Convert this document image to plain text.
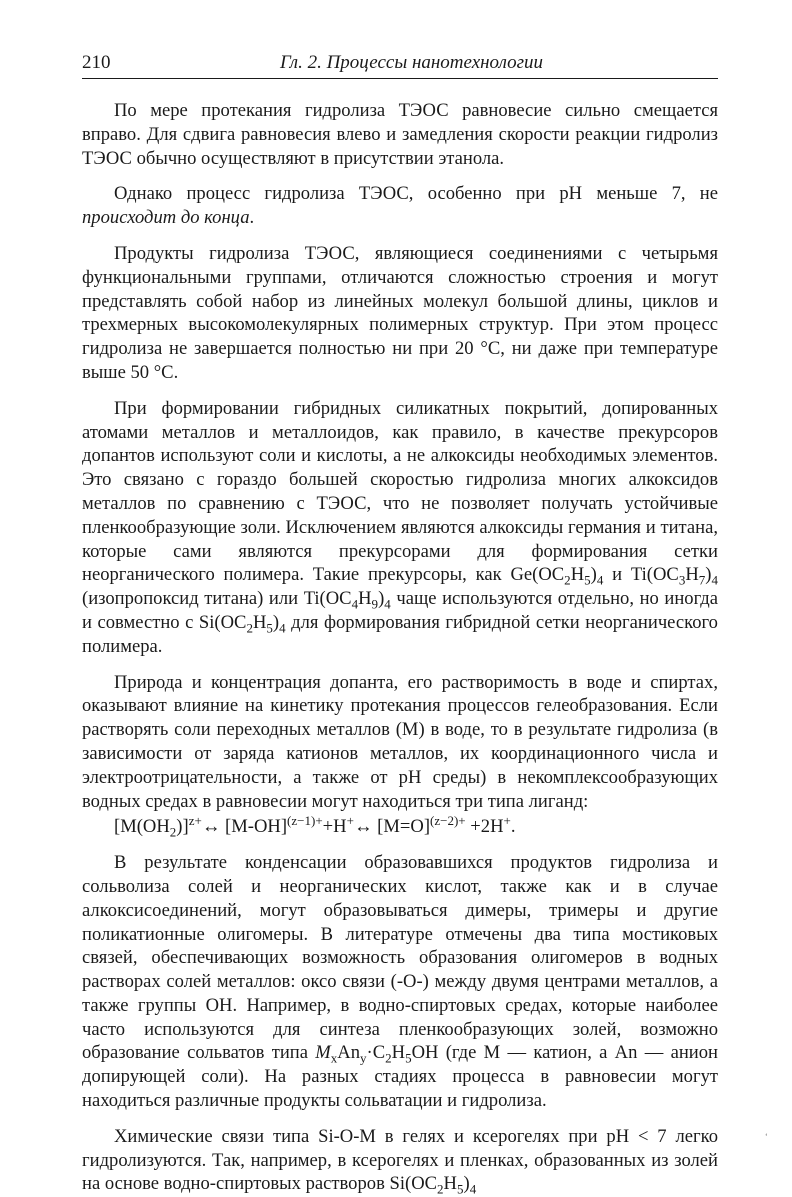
210	Гл. 2. Процессы нанотехнологии

По мере протекания гидролиза ТЭОС равновесие сильно смещается вправо. Для сдвига равновесия влево и замедления скорости реакции гидролиз ТЭОС обычно осуществляют в присутствии этанола.

Однако процесс гидролиза ТЭОС, особенно при pH меньше 7, не происходит до конца.

Продукты гидролиза ТЭОС, являющиеся соединениями с четырьмя функциональными группами, отличаются сложностью строения и могут представлять собой набор из линейных молекул большой длины, циклов и трехмерных высокомолекулярных полимерных структур. При этом процесс гидролиза не завершается полностью ни при 20 °С, ни даже при температуре выше 50 °С.

При формировании гибридных силикатных покрытий, допированных атомами металлов и металлоидов, как правило, в качестве прекурсоров допантов используют соли и кислоты, а не алкоксиды необходимых элементов. Это связано с гораздо большей скоростью гидролиза многих алкоксидов металлов по сравнению с ТЭОС, что не позволяет получать устойчивые пленкообразующие золи. Исключением являются алкоксиды германия и титана, которые сами являются прекурсорами для формирования сетки неорганического полимера. Такие прекурсоры, как $Ge(OC_2H_5)_4$ и $Ti(OC_3H_7)_4$ (изопропоксид титана) или $Ti(OC_4H_9)_4$ чаще используются отдельно, но иногда и совместно с $Si(OC_2H_5)_4$ для формирования гибридной сетки неорганического полимера.

Природа и концентрация допанта, его растворимость в воде и спиртах, оказывают влияние на кинетику протекания процессов гелеобразования. Если растворять соли переходных металлов (М) в воде, то в результате гидролиза (в зависимости от заряда катионов металлов, их координационного числа и электроотрицательности, а также от pH среды) в некомплексообразующих водных средах в равновесии могут находиться три типа лиганд:

$[M(OH_2)]^{z+}\leftrightarrow$ $[M-OH]^{(z-1)+}+H^+\leftrightarrow$ [M=O]$^{(z-2)+}$ +2H+.

В результате конденсации образовавшихся продуктов гидролиза и сольволиза солей и неорганических кислот, также как и в случае алкоксисоединений, могут образовываться димеры, тримеры и другие поликатионные олигомеры. В литературе отмечены два типа мостиковых связей, обеспечивающих возможность образования олигомеров в водных растворах солей металлов: оксо связи (-О-) между двумя центрами металлов, а также группы ОН. Например, в водно-спиртовых средах, которые наиболее часто используются для синтеза пленкообразующих золей, возможно образование сольватов типа $M_xAn_y\cdot C_2H_5OH$ (где М — катион, а An — анион допирующей соли). На разных стадиях процесса в равновесии могут находиться различные продукты сольватации и гидролиза.

Химические связи типа Si-O-M в гелях и ксерогелях при pH < 7 легко гидролизуются. Так, например, в ксерогелях и пленках, образованных из золей на основе водно-спиртовых растворов $Si(OC_2H_5)_4$

ʻ
